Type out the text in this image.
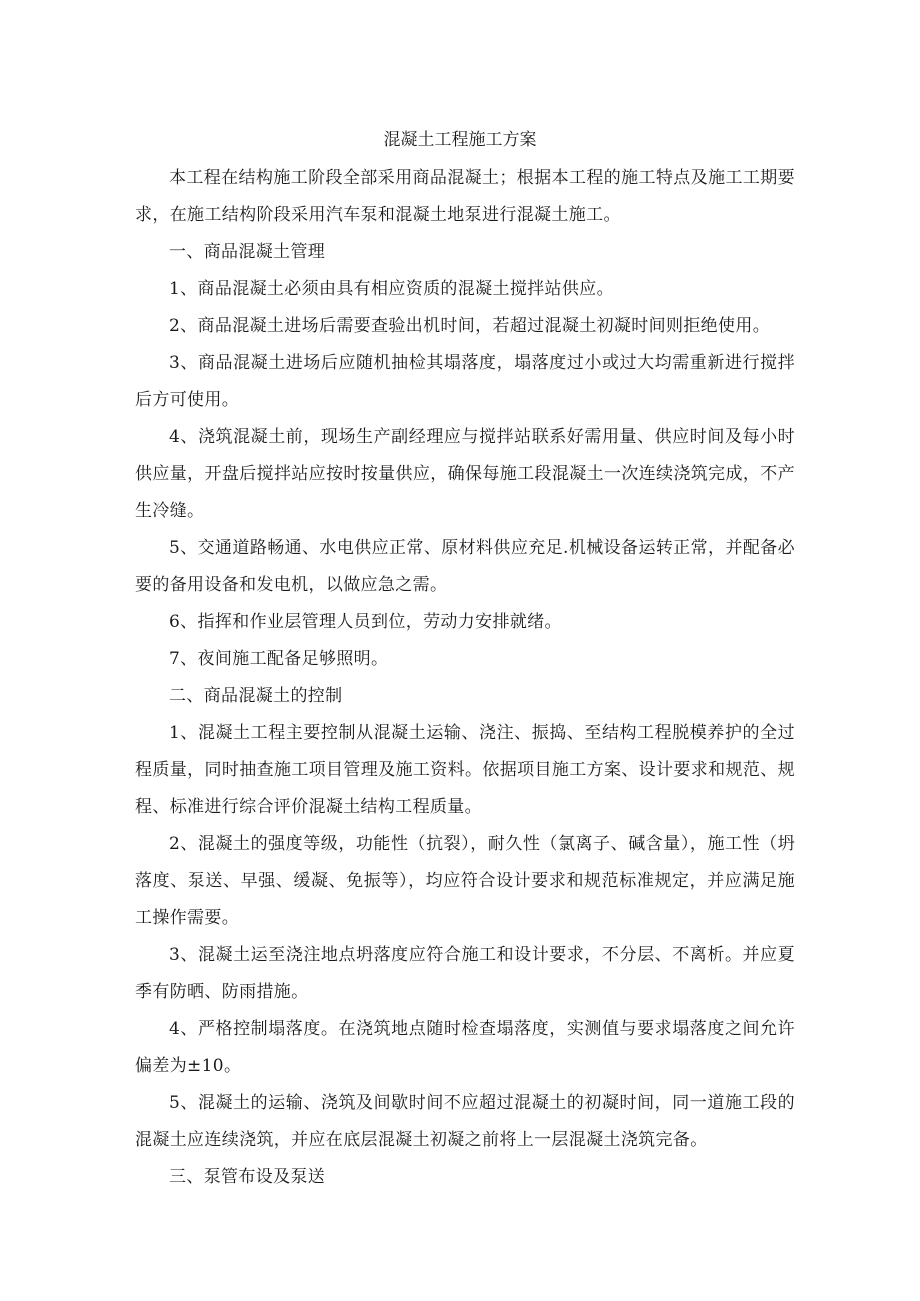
混凝土工程施工方案

本工程在结构施工阶段全部采用商品混凝土；根据本工程的施工特点及施工工期要求，在施工结构阶段采用汽车泵和混凝土地泵进行混凝土施工。

一、商品混凝土管理

1、商品混凝土必须由具有相应资质的混凝土搅拌站供应。

2、商品混凝土进场后需要查验出机时间，若超过混凝土初凝时间则拒绝使用。

3、商品混凝土进场后应随机抽检其塌落度，塌落度过小或过大均需重新进行搅拌后方可使用。

4、浇筑混凝土前，现场生产副经理应与搅拌站联系好需用量、供应时间及每小时供应量，开盘后搅拌站应按时按量供应，确保每施工段混凝土一次连续浇筑完成，不产生冷缝。

5、交通道路畅通、水电供应正常、原材料供应充足.机械设备运转正常，并配备必要的备用设备和发电机，以做应急之需。

6、指挥和作业层管理人员到位，劳动力安排就绪。

7、夜间施工配备足够照明。

二、商品混凝土的控制

1、混凝土工程主要控制从混凝土运输、浇注、振捣、至结构工程脱模养护的全过程质量，同时抽查施工项目管理及施工资料。依据项目施工方案、设计要求和规范、规程、标准进行综合评价混凝土结构工程质量。

2、混凝土的强度等级，功能性（抗裂），耐久性（氯离子、碱含量），施工性（坍落度、泵送、早强、缓凝、免振等），均应符合设计要求和规范标准规定，并应满足施工操作需要。

3、混凝土运至浇注地点坍落度应符合施工和设计要求，不分层、不离析。并应夏季有防晒、防雨措施。

4、严格控制塌落度。在浇筑地点随时检查塌落度，实测值与要求塌落度之间允许偏差为±10。

5、混凝土的运输、浇筑及间歇时间不应超过混凝土的初凝时间，同一道施工段的混凝土应连续浇筑，并应在底层混凝土初凝之前将上一层混凝土浇筑完备。

三、泵管布设及泵送
